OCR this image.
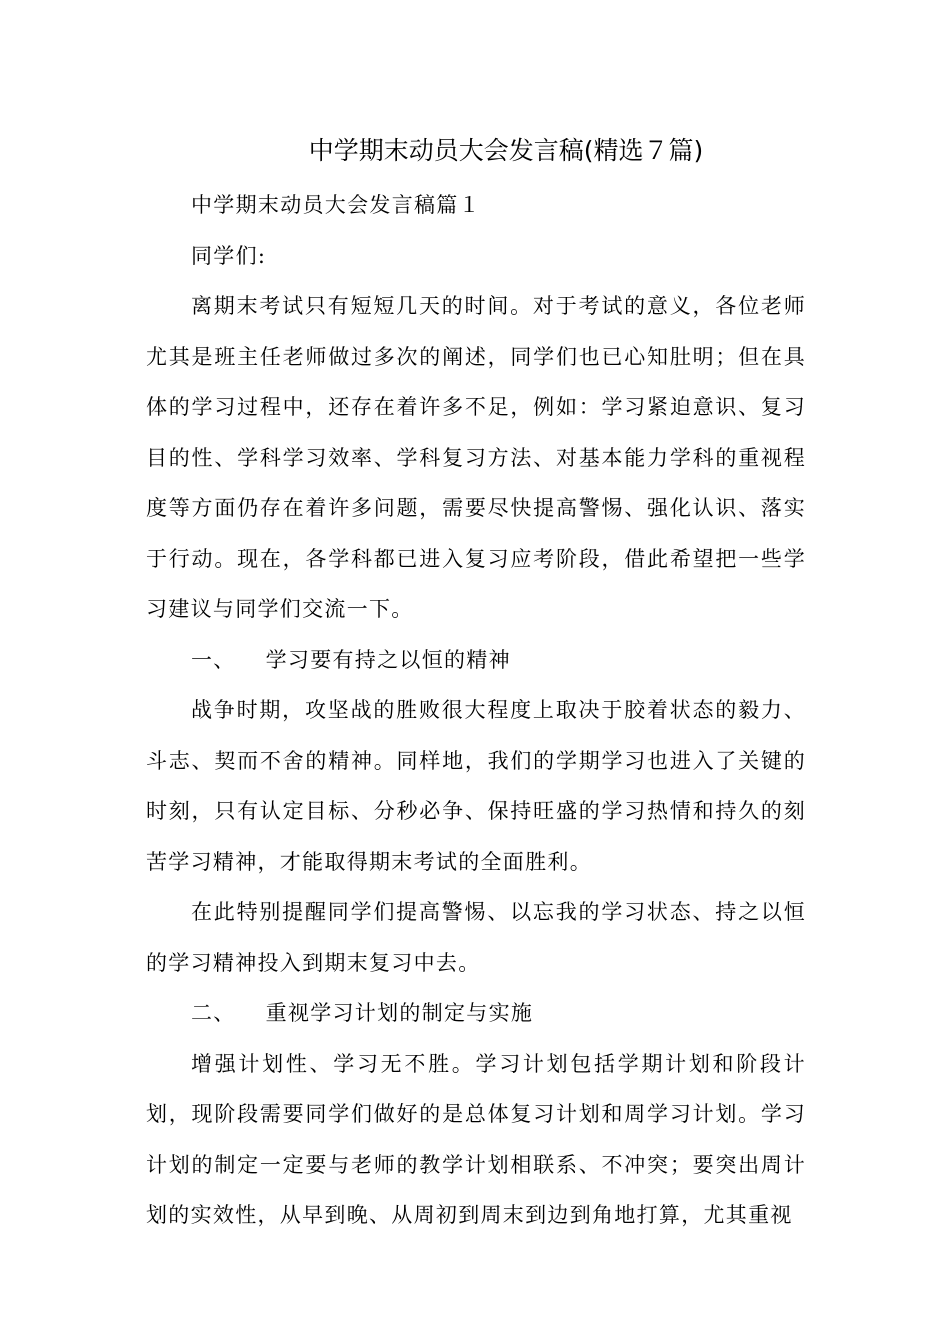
中学期末动员大会发言稿(精选７篇)

中学期末动员大会发言稿篇１

同学们:

离期末考试只有短短几天的时间。对于考试的意义，各位老师尤其是班主任老师做过多次的阐述，同学们也已心知肚明；但在具体的学习过程中，还存在着许多不足，例如：学习紧迫意识、复习目的性、学科学习效率、学科复习方法、对基本能力学科的重视程度等方面仍存在着许多问题，需要尽快提高警惕、强化认识、落实于行动。现在，各学科都已进入复习应考阶段，借此希望把一些学习建议与同学们交流一下。

一、 学习要有持之以恒的精神

战争时期，攻坚战的胜败很大程度上取决于胶着状态的毅力、斗志、契而不舍的精神。同样地，我们的学期学习也进入了关键的时刻，只有认定目标、分秒必争、保持旺盛的学习热情和持久的刻苦学习精神，才能取得期末考试的全面胜利。

在此特别提醒同学们提高警惕、以忘我的学习状态、持之以恒的学习精神投入到期末复习中去。

二、 重视学习计划的制定与实施

增强计划性、学习无不胜。学习计划包括学期计划和阶段计划，现阶段需要同学们做好的是总体复习计划和周学习计划。学习计划的制定一定要与老师的教学计划相联系、不冲突；要突出周计划的实效性，从早到晚、从周初到周末到边到角地打算，尤其重视
